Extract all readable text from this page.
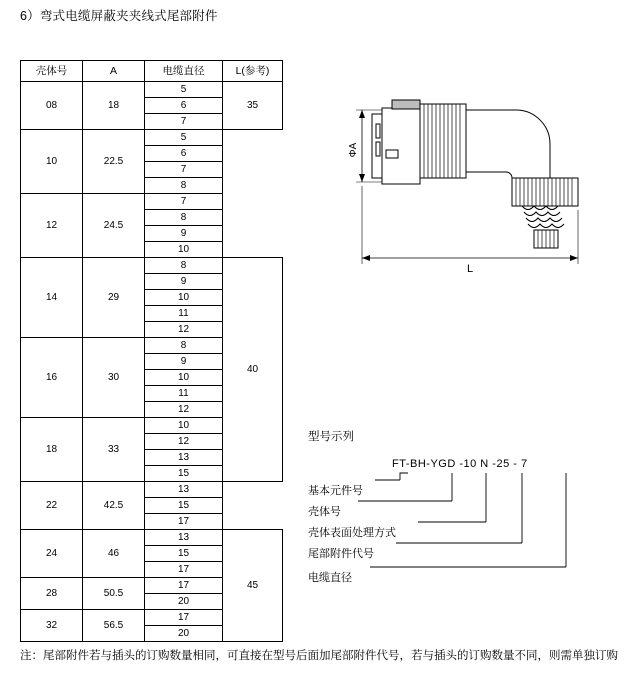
6）弯式电缆屏蔽夹夹线式尾部附件
壳体号	A	电缆直径	L(参考)
08	18	5	35
		6	
		7	
10	22.5	5	
		6	
		7	
		8	
12	24.5	7	
		8	
		9	
		10	
14	29	8	40
		9	
		10	
		11	
		12	
16	30	8	
		9	
		10	
		11	
		12	
18	33	10	
		12	
		13	
		15	
22	42.5	13	
		15	
		17	
24	46	13	45
		15	
		17	
28	50.5	17	
		20	
32	56.5	17	
		20	
ΦA
L
型号示列
FT-BH-YGD -10 N -25 - 7
基本元件号
壳体号
壳体表面处理方式
尾部附件代号
电缆直径
注：尾部附件若与插头的订购数量相同，可直接在型号后面加尾部附件代号，若与插头的订购数量不同，则需单独订购
